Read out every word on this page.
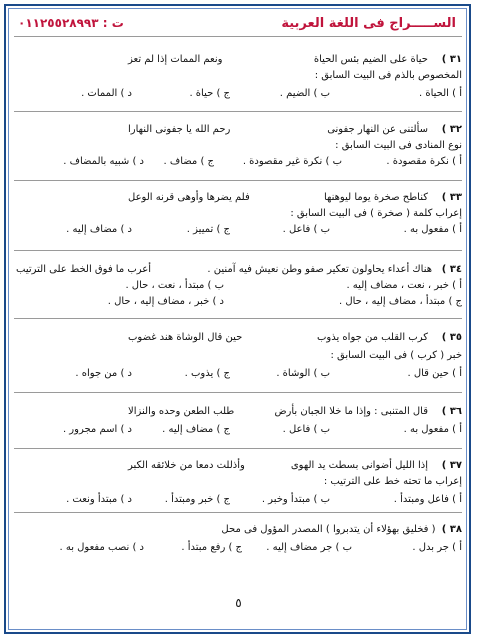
الســـــراج فى اللغة العربية
ت : ٠١١٢٥٥٢٨٩٩٣
٣١ )
حياة على الضيم بئس الحياة
ونعم الممات إذا لم تعز
المخصوص بالذم فى البيت السابق :
أ ) الحياة .
ب ) الضيم .
ج ) حياة .
د ) الممات .
٣٢ )
سألتنى عن النهار جفونى
رحم الله يا جفونى النهارا
نوع المنادى فى البيت السابق :
أ ) نكرة مقصودة .
ب ) نكرة غير مقصودة .
ج ) مضاف .
د ) شبيه بالمضاف .
٣٣ )
كناطح صخرة يوما ليوهنها
فلم يضرها وأوهى قرنه الوعل
إعراب كلمة ( صخرة ) فى البيت السابق :
أ ) مفعول به .
ب ) فاعل .
ج ) تمييز .
د ) مضاف إليه .
٣٤ )
هناك أعداء يحاولون تعكير صفو وطن نعيش فيه آمنين .
أعرب ما فوق الخط على الترتيب
أ ) خبر ، نعت ، مضاف إليه .
ب ) مبتدأ ، نعت ، حال .
ج ) مبتدأ ، مضاف إليه ، حال .
د ) خبر ، مضاف إليه ، حال .
٣٥ )
كرب القلب من جواه يذوب
حين قال الوشاة هند غضوب
خبر ( كرب ) فى البيت السابق :
أ ) حين قال .
ب ) الوشاة .
ج ) يذوب .
د ) من جواه .
٣٦ )
قال المتنبى : وإذا ما خلا الجبان بأرض
طلب الطعن وحده والنزالا
أ ) مفعول به .
ب ) فاعل .
ج ) مضاف إليه .
د ) اسم مجرور .
٣٧ )
إذا الليل أضوانى بسطت يد الهوى
وأذللت دمعا من خلائقه الكبر
إعراب ما تحته خط على الترتيب :
أ ) فاعل ومبتدأ .
ب ) مبتدأ وخبر .
ج ) خبر ومبتدأ .
د ) مبتدأ ونعت .
٣٨ ) ( فخليق بهؤلاء أن يتدبروا ) المصدر المؤول فى محل
أ ) جر بدل .
ب ) جر مضاف إليه .
ج ) رفع مبتدأ .
د ) نصب مفعول به .
٥
